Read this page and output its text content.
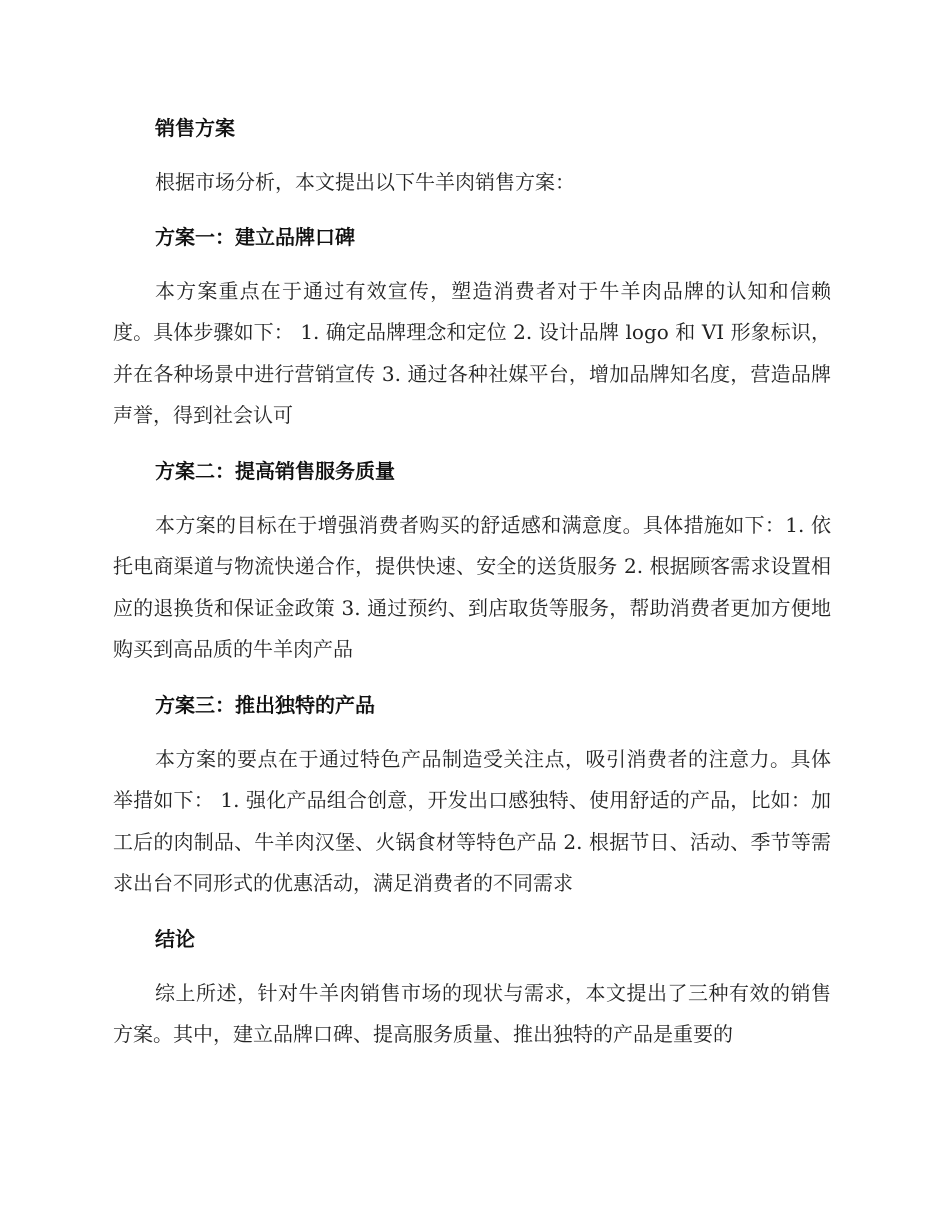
销售方案

根据市场分析，本文提出以下牛羊肉销售方案：

方案一：建立品牌口碑

本方案重点在于通过有效宣传，塑造消费者对于牛羊肉品牌的认知和信赖度。具体步骤如下： 1. 确定品牌理念和定位 2. 设计品牌 logo 和 VI 形象标识，并在各种场景中进行营销宣传 3. 通过各种社媒平台，增加品牌知名度，营造品牌声誉，得到社会认可

方案二：提高销售服务质量

本方案的目标在于增强消费者购买的舒适感和满意度。具体措施如下：1. 依托电商渠道与物流快递合作，提供快速、安全的送货服务 2. 根据顾客需求设置相应的退换货和保证金政策 3. 通过预约、到店取货等服务，帮助消费者更加方便地购买到高品质的牛羊肉产品

方案三：推出独特的产品

本方案的要点在于通过特色产品制造受关注点，吸引消费者的注意力。具体举措如下： 1. 强化产品组合创意，开发出口感独特、使用舒适的产品，比如：加工后的肉制品、牛羊肉汉堡、火锅食材等特色产品 2. 根据节日、活动、季节等需求出台不同形式的优惠活动，满足消费者的不同需求

结论

综上所述，针对牛羊肉销售市场的现状与需求，本文提出了三种有效的销售方案。其中，建立品牌口碑、提高服务质量、推出独特的产品是重要的
